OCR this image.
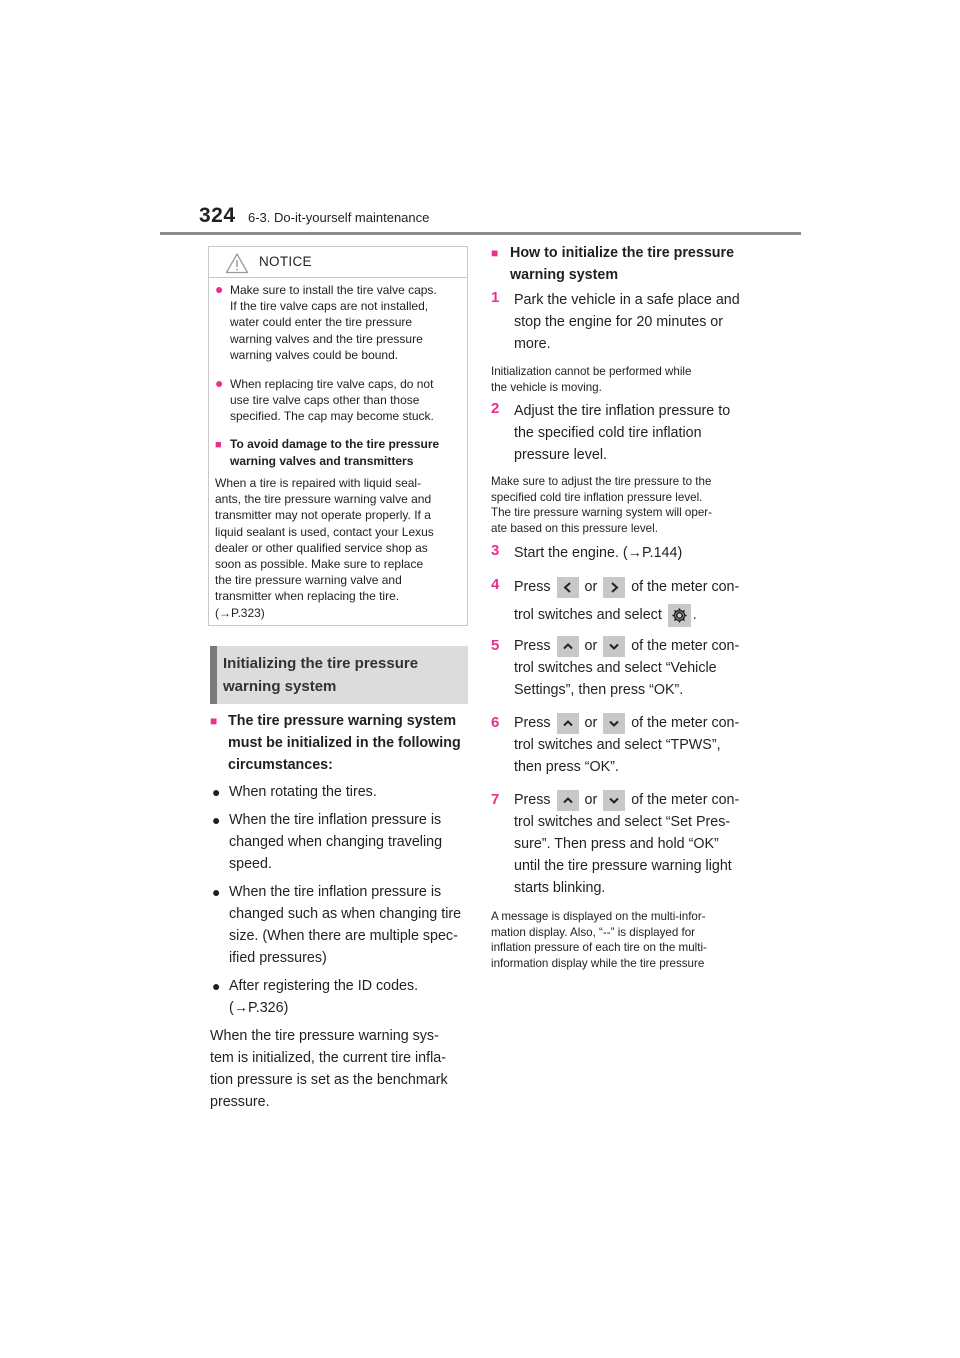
324 6-3. Do-it-yourself maintenance
NOTICE
● Make sure to install the tire valve caps.
If the tire valve caps are not installed,
water could enter the tire pressure
warning valves and the tire pressure
warning valves could be bound.
● When replacing tire valve caps, do not
use tire valve caps other than those
specified. The cap may become stuck.
■ To avoid damage to the tire pressure
warning valves and transmitters
When a tire is repaired with liquid seal-
ants, the tire pressure warning valve and
transmitter may not operate properly. If a
liquid sealant is used, contact your Lexus
dealer or other qualified service shop as
soon as possible. Make sure to replace
the tire pressure warning valve and
transmitter when replacing the tire.
(→P.323)
Initializing the tire pressure
warning system
■ The tire pressure warning system
must be initialized in the following
circumstances:
● When rotating the tires.
● When the tire inflation pressure is
changed when changing traveling
speed.
● When the tire inflation pressure is
changed such as when changing tire
size. (When there are multiple spec-
ified pressures)
● After registering the ID codes.
(→P.326)
When the tire pressure warning sys-
tem is initialized, the current tire infla-
tion pressure is set as the benchmark
pressure.
■ How to initialize the tire pressure
warning system
1 Park the vehicle in a safe place and
stop the engine for 20 minutes or
more.
Initialization cannot be performed while
the vehicle is moving.
2 Adjust the tire inflation pressure to
the specified cold tire inflation
pressure level.
Make sure to adjust the tire pressure to the
specified cold tire inflation pressure level.
The tire pressure warning system will oper-
ate based on this pressure level.
3 Start the engine. (→P.144)
4 Press or of the meter con-
trol switches and select .
5 Press or of the meter con-
trol switches and select “Vehicle
Settings”, then press “OK”.
6 Press or of the meter con-
trol switches and select “TPWS”,
then press “OK”.
7 Press or of the meter con-
trol switches and select “Set Pres-
sure”. Then press and hold “OK”
until the tire pressure warning light
starts blinking.
A message is displayed on the multi-infor-
mation display. Also, “--” is displayed for
inflation pressure of each tire on the multi-
information display while the tire pressure
